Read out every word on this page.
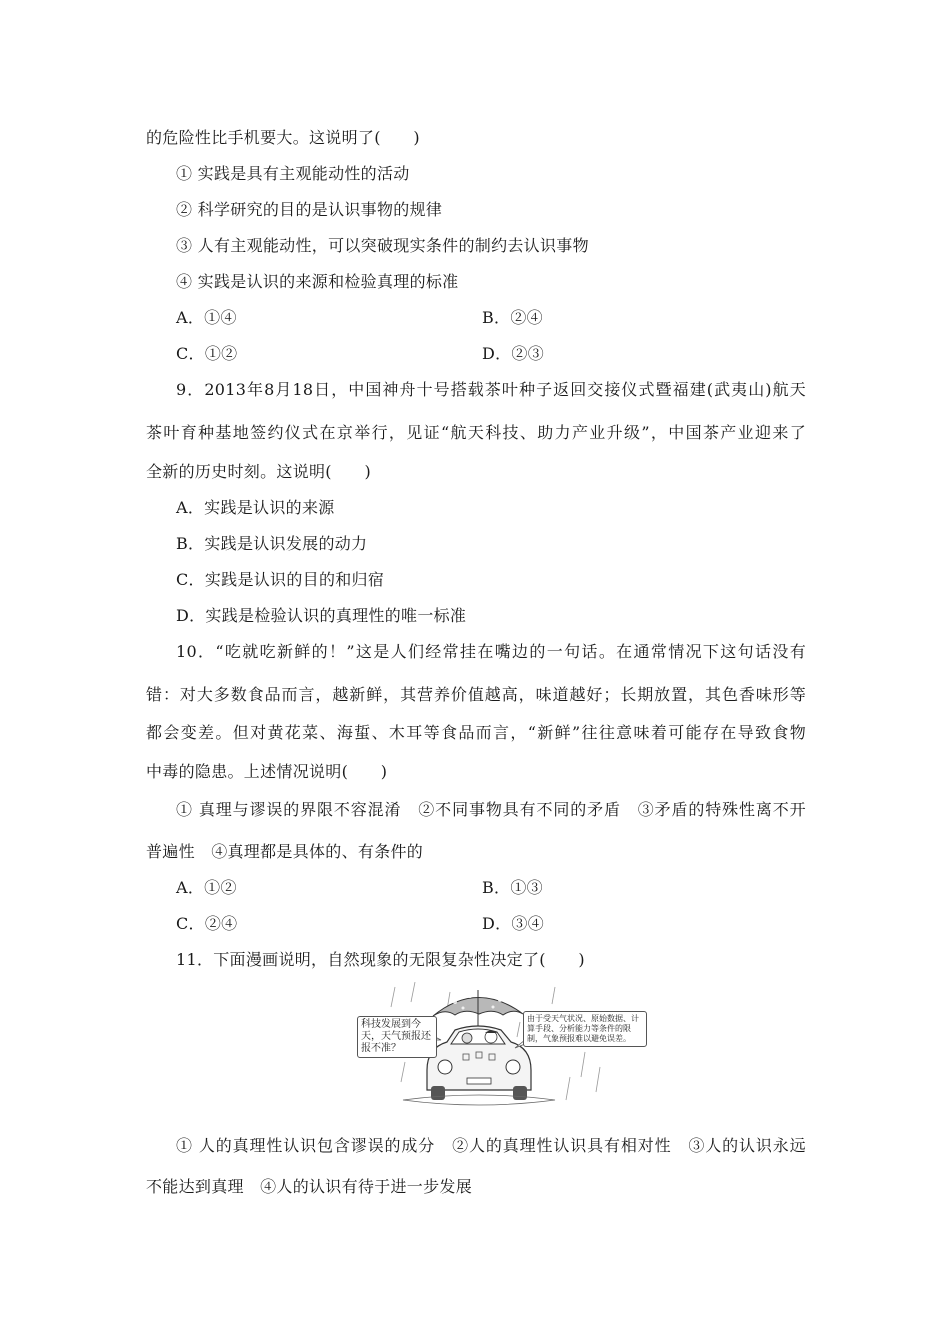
的危险性比手机要大。这说明了(　　)
① 实践是具有主观能动性的活动
② 科学研究的目的是认识事物的规律
③ 人有主观能动性，可以突破现实条件的制约去认识事物
④ 实践是认识的来源和检验真理的标准
A．①④	B．②④
C．①②	D．②③
9．2013年8月18日，中国神舟十号搭载茶叶种子返回交接仪式暨福建(武夷山)航天
茶叶育种基地签约仪式在京举行，见证“航天科技、助力产业升级”，中国茶产业迎来了
全新的历史时刻。这说明(　　)
A．实践是认识的来源
B．实践是认识发展的动力
C．实践是认识的目的和归宿
D．实践是检验认识的真理性的唯一标准
10．“吃就吃新鲜的！”这是人们经常挂在嘴边的一句话。在通常情况下这句话没有
错：对大多数食品而言，越新鲜，其营养价值越高，味道越好；长期放置，其色香味形等
都会变差。但对黄花菜、海蜇、木耳等食品而言，“新鲜”往往意味着可能存在导致食物
中毒的隐患。上述情况说明(　　)
① 真理与谬误的界限不容混淆　②不同事物具有不同的矛盾　③矛盾的特殊性离不开
普遍性　④真理都是具体的、有条件的
A．①②	B．①③
C．②④	D．③④
11．下面漫画说明，自然现象的无限复杂性决定了(　　)
科技发展到今天，天气预报还报不准？
由于受天气状况、原始数据、计算手段、分析能力等条件的限制，气象预报难以避免误差。
① 人的真理性认识包含谬误的成分　②人的真理性认识具有相对性　③人的认识永远
不能达到真理　④人的认识有待于进一步发展
